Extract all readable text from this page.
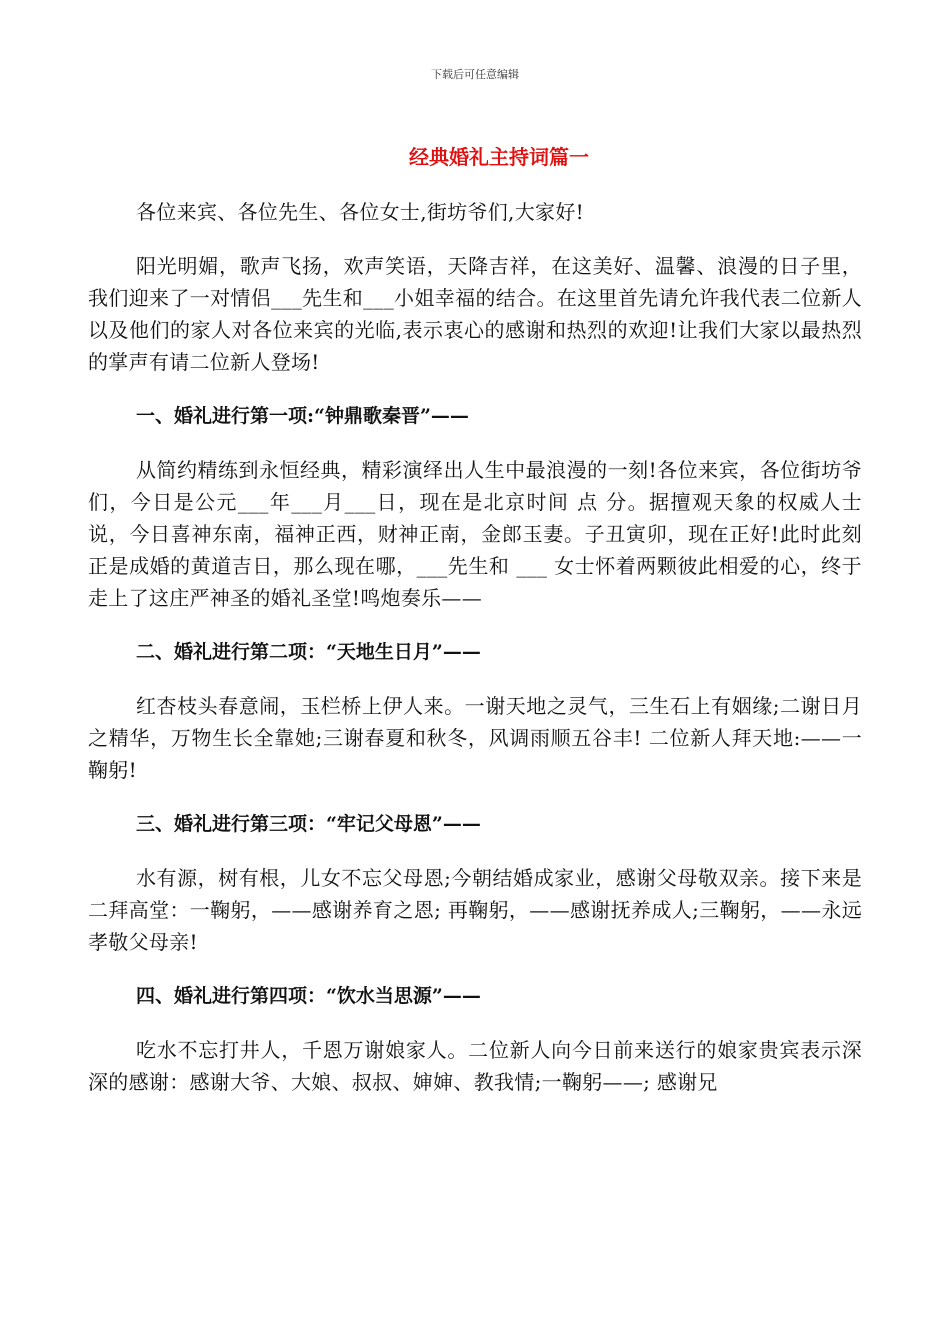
下载后可任意编辑
经典婚礼主持词篇一

各位来宾、各位先生、各位女士,街坊爷们,大家好!

阳光明媚，歌声飞扬，欢声笑语，天降吉祥，在这美好、温馨、浪漫的日子里，我们迎来了一对情侣___先生和___小姐幸福的结合。在这里首先请允许我代表二位新人以及他们的家人对各位来宾的光临,表示衷心的感谢和热烈的欢迎!让我们大家以最热烈的掌声有请二位新人登场!

一、婚礼进行第一项:“钟鼎歌秦晋”——

从简约精练到永恒经典，精彩演绎出人生中最浪漫的一刻!各位来宾，各位街坊爷们，今日是公元___年___月___日，现在是北京时间 点 分。据擅观天象的权威人士说，今日喜神东南，福神正西，财神正南，金郎玉妻。子丑寅卯，现在正好!此时此刻正是成婚的黄道吉日，那么现在哪，___先生和 ___ 女士怀着两颗彼此相爱的心，终于走上了这庄严神圣的婚礼圣堂!鸣炮奏乐——

二、婚礼进行第二项：“天地生日月”——

红杏枝头春意闹，玉栏桥上伊人来。一谢天地之灵气，三生石上有姻缘;二谢日月之精华，万物生长全靠她;三谢春夏和秋冬，风调雨顺五谷丰! 二位新人拜天地:——一鞠躬!

三、婚礼进行第三项：“牢记父母恩”——

水有源，树有根，儿女不忘父母恩;今朝结婚成家业，感谢父母敬双亲。接下来是二拜高堂：一鞠躬，——感谢养育之恩; 再鞠躬，——感谢抚养成人;三鞠躬，——永远孝敬父母亲!

四、婚礼进行第四项：“饮水当思源”——

吃水不忘打井人，千恩万谢娘家人。二位新人向今日前来送行的娘家贵宾表示深深的感谢：感谢大爷、大娘、叔叔、婶婶、教我情;一鞠躬——; 感谢兄
